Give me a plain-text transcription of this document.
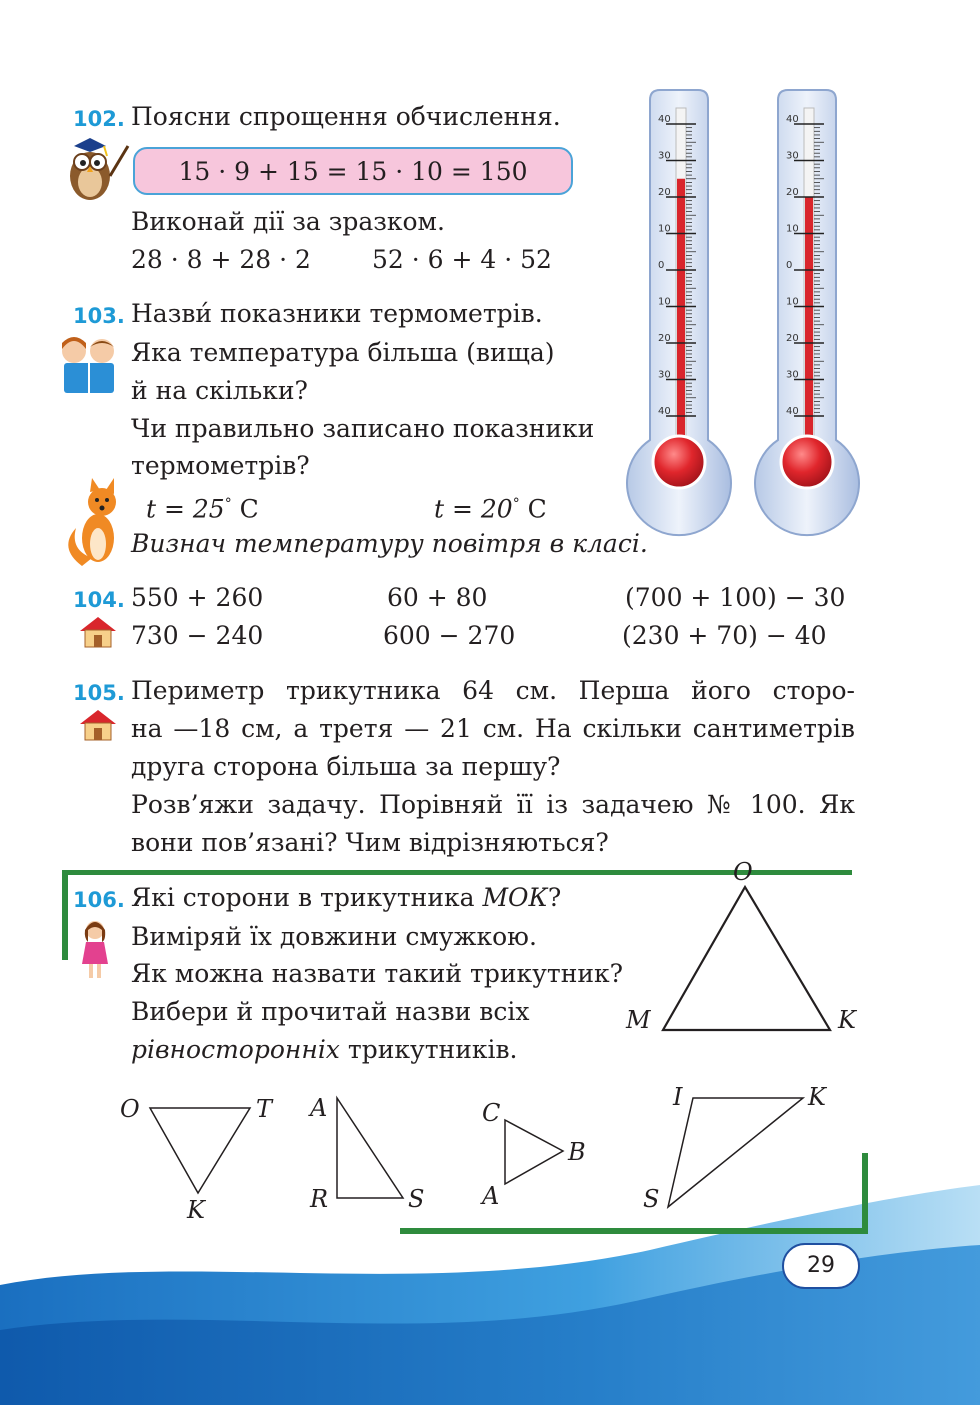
102. Поясни спрощення обчислення.
15 · 9 + 15 = 15 · 10 = 150
Виконай дії за зразком.
28 · 8 + 28 · 2 52 · 6 + 4 · 52
103. Назви́ показники термометрів.
Яка температура більша (вища)
й на скільки?
Чи правильно записано показники
термометрів?
t = 25° С	t = 20° С
Визнач температуру повітря в класі.
40
30
20
10
0
10
20
30
40
40
30
20
10
0
10
20
30
40
104. 550 + 260	60 + 80	(700 + 100) − 30
730 − 240	600 − 270	(230 + 70) − 40
105. Периметр трикутника 64 см. Перша його сторо-
на —18 см, а третя — 21 см. На скільки сантиметрів
друга сторона більша за першу?
Розв’яжи задачу. Порівняй її із задачею № 100. Як
вони пов’язані? Чим відрізняються?
106. Які сторони в трикутника МОК?
Виміряй їх довжини смужкою.
Як можна назвати такий трикутник?
Вибери й прочитай назви всіх
рівносторонніх трикутників.
O
M	K
O	T
K
A
R	S
C
B
A
I	K
S
29
